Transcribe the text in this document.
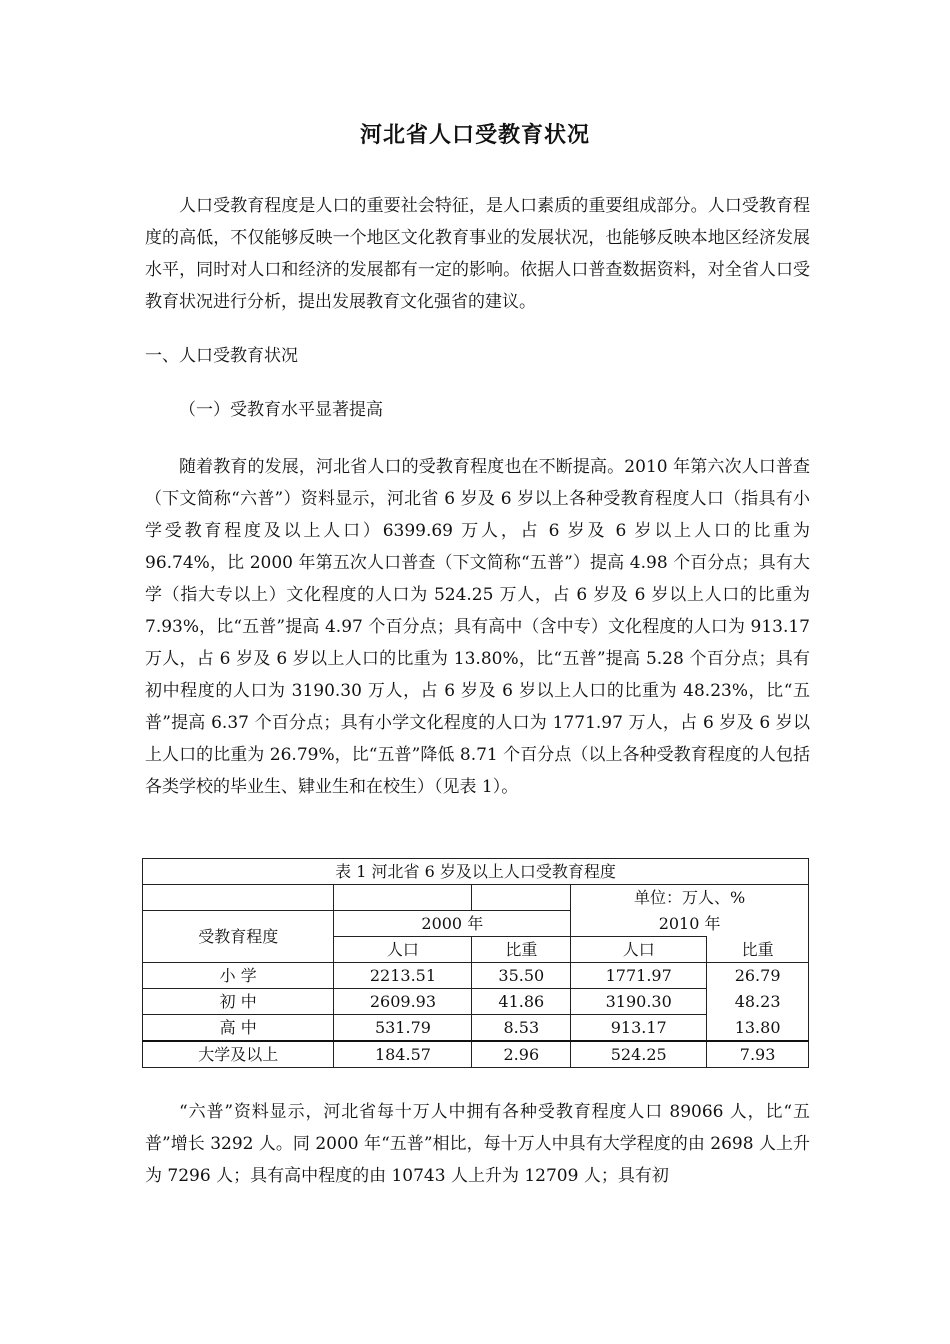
河北省人口受教育状况

人口受教育程度是人口的重要社会特征，是人口素质的重要组成部分。人口受教育程度的高低，不仅能够反映一个地区文化教育事业的发展状况，也能够反映本地区经济发展水平，同时对人口和经济的发展都有一定的影响。依据人口普查数据资料，对全省人口受教育状况进行分析，提出发展教育文化强省的建议。

一、人口受教育状况

（一）受教育水平显著提高

随着教育的发展，河北省人口的受教育程度也在不断提高。2010 年第六次人口普查（下文简称“六普”）资料显示，河北省 6 岁及 6 岁以上各种受教育程度人口（指具有小学受教育程度及以上人口）6399.69 万人，占 6 岁及 6 岁以上人口的比重为 96.74%，比 2000 年第五次人口普查（下文简称“五普”）提高 4.98 个百分点；具有大学（指大专以上）文化程度的人口为 524.25 万人，占 6 岁及 6 岁以上人口的比重为 7.93%，比“五普”提高 4.97 个百分点；具有高中（含中专）文化程度的人口为 913.17 万人，占 6 岁及 6 岁以上人口的比重为 13.80%，比“五普”提高 5.28 个百分点；具有初中程度的人口为 3190.30 万人，占 6 岁及 6 岁以上人口的比重为 48.23%，比“五普”提高 6.37 个百分点；具有小学文化程度的人口为 1771.97 万人，占 6 岁及 6 岁以上人口的比重为 26.79%，比“五普”降低 8.71 个百分点（以上各种受教育程度的人包括各类学校的毕业生、肄业生和在校生）（见表 1）。

表 1 河北省 6 岁及以上人口受教育程度				
			单位：万人、%	
受教育程度	2000 年		2010 年	
	人口	比重	人口	比重
小 学	2213.51	35.50	1771.97	26.79
初 中	2609.93	41.86	3190.30	48.23
高 中	531.79	8.53	913.17	13.80
大学及以上	184.57	2.96	524.25	7.93

“六普”资料显示，河北省每十万人中拥有各种受教育程度人口 89066 人，比“五普”增长 3292 人。同 2000 年“五普”相比，每十万人中具有大学程度的由 2698 人上升为 7296 人；具有高中程度的由 10743 人上升为 12709 人；具有初
